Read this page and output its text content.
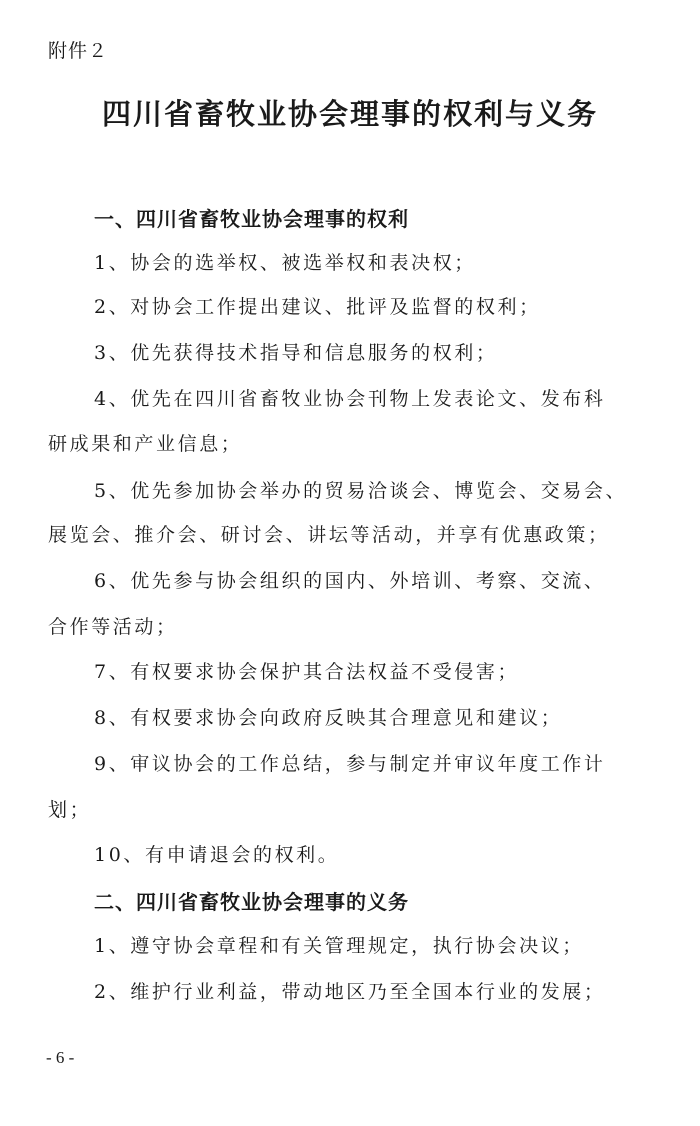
附件２
四川省畜牧业协会理事的权利与义务
一、四川省畜牧业协会理事的权利
1、协会的选举权、被选举权和表决权；
2、对协会工作提出建议、批评及监督的权利；
3、优先获得技术指导和信息服务的权利；
4、优先在四川省畜牧业协会刊物上发表论文、发布科
研成果和产业信息；
5、优先参加协会举办的贸易洽谈会、博览会、交易会、
展览会、推介会、研讨会、讲坛等活动，并享有优惠政策；
6、优先参与协会组织的国内、外培训、考察、交流、
合作等活动；
7、有权要求协会保护其合法权益不受侵害；
8、有权要求协会向政府反映其合理意见和建议；
9、审议协会的工作总结，参与制定并审议年度工作计
划；
10、有申请退会的权利。
二、四川省畜牧业协会理事的义务
1、遵守协会章程和有关管理规定，执行协会决议；
2、维护行业利益，带动地区乃至全国本行业的发展；
- 6 -
